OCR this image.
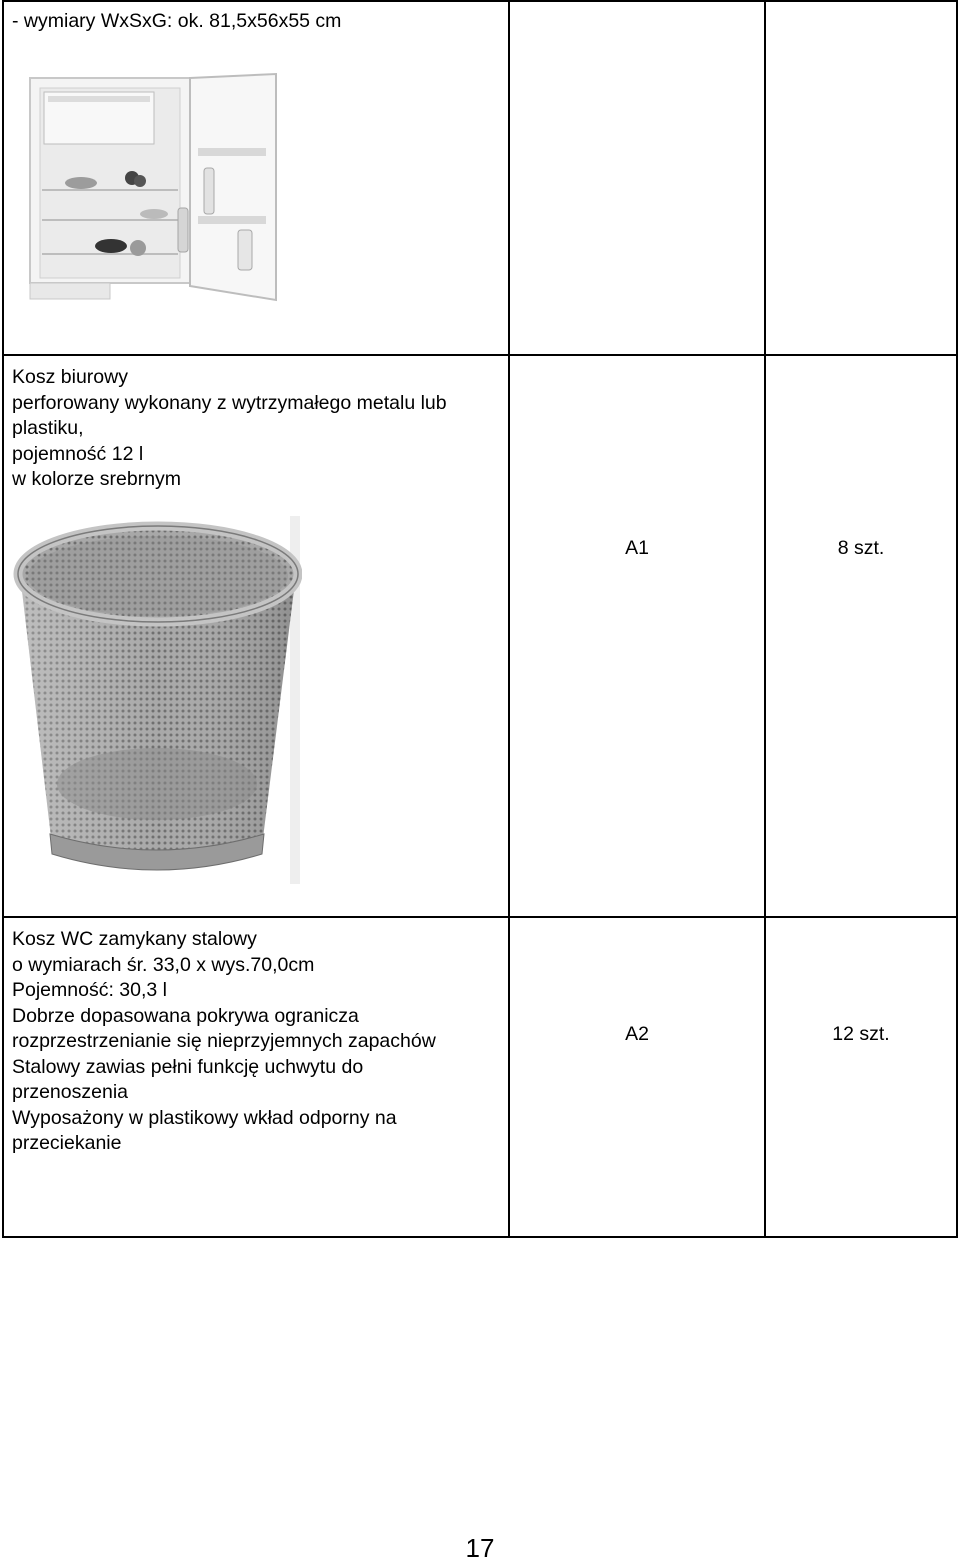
- wymiary WxSxG: ok. 81,5x56x55 cm
Kosz biurowy
perforowany wykonany z wytrzymałego metalu lub plastiku,
pojemność 12 l
w kolorze srebrnym
A1	8 szt.
Kosz WC zamykany stalowy
o wymiarach śr. 33,0 x wys.70,0cm
Pojemność: 30,3 l
Dobrze dopasowana pokrywa ogranicza rozprzestrzenianie się nieprzyjemnych zapachów
Stalowy zawias pełni funkcję uchwytu do przenoszenia
Wyposażony w plastikowy wkład odporny na przeciekanie
A2	12 szt.
17
